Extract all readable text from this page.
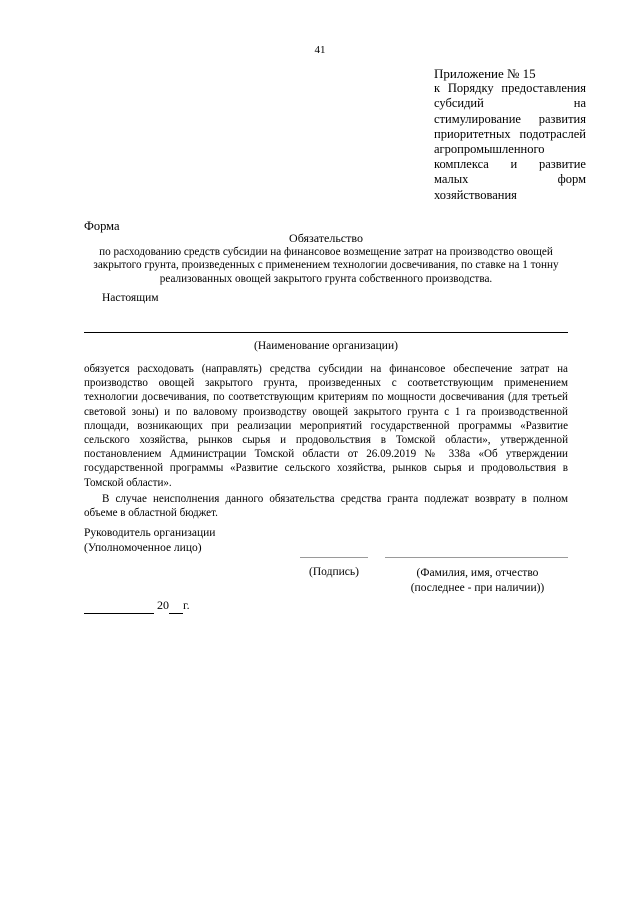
41
Приложение № 15
к Порядку предоставления
субсидий на
стимулирование развития
приоритетных подотраслей
агропромышленного
комплекса и развитие
малых форм
хозяйствования
Форма
Обязательство
по расходованию средств субсидии на финансовое возмещение затрат на производство овощей закрытого грунта, произведенных с применением технологии досвечивания, по ставке на 1 тонну реализованных овощей закрытого грунта собственного производства.
Настоящим
(Наименование организации)

обязуется расходовать (направлять) средства субсидии на финансовое обеспечение затрат на производство овощей закрытого грунта, произведенных с соответствующим применением технологии досвечивания, по соответствующим критериям по мощности досвечивания (для третьей световой зоны) и по валовому производству овощей закрытого грунта с 1 га производственной площади, возникающих при реализации мероприятий государственной программы «Развитие сельского хозяйства, рынков сырья и продовольствия в Томской области», утвержденной постановлением Администрации Томской области от 26.09.2019 № 338а «Об утверждении государственной программы «Развитие сельского хозяйства, рынков сырья и продовольствия в Томской области».

В случае неисполнения данного обязательства средства гранта подлежат возврату в полном объеме в областной бюджет.

Руководитель организации
(Уполномоченное лицо)
(Подпись)	(Фамилия, имя, отчество
(последнее - при наличии))
20 г.
